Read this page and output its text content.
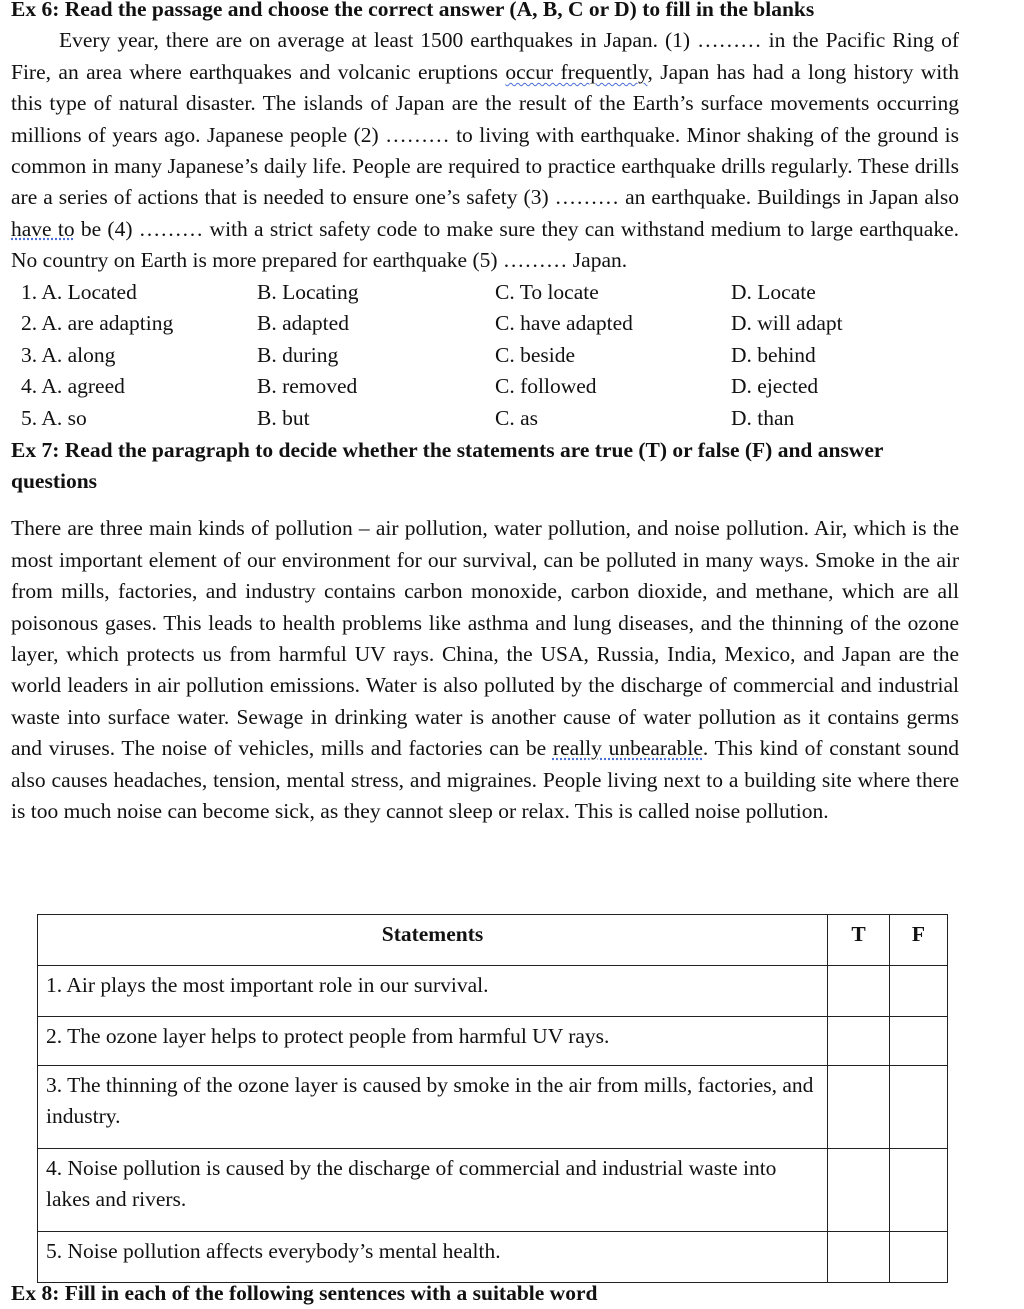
Ex 6: Read the passage and choose the correct answer (A, B, C or D) to fill in the blanks

Every year, there are on average at least 1500 earthquakes in Japan. (1) ……… in the Pacific Ring of Fire, an area where earthquakes and volcanic eruptions occur frequently, Japan has had a long history with this type of natural disaster. The islands of Japan are the result of the Earth’s surface movements occurring millions of years ago. Japanese people (2) ……… to living with earthquake. Minor shaking of the ground is common in many Japanese’s daily life. People are required to practice earthquake drills regularly. These drills are a series of actions that is needed to ensure one’s safety (3) ……… an earthquake. Buildings in Japan also have to be (4) ……… with a strict safety code to make sure they can withstand medium to large earthquake. No country on Earth is more prepared for earthquake (5) ……… Japan.

1. A. Located	B. Locating	C. To locate	D. Locate
2. A. are adapting	B. adapted	C. have adapted	D. will adapt
3. A. along	B. during	C. beside	D. behind
4. A. agreed	B. removed	C. followed	D. ejected
5. A. so	B. but	C. as	D. than

Ex 7: Read the paragraph to decide whether the statements are true (T) or false (F) and answer questions

There are three main kinds of pollution – air pollution, water pollution, and noise pollution. Air, which is the most important element of our environment for our survival, can be polluted in many ways. Smoke in the air from mills, factories, and industry contains carbon monoxide, carbon dioxide, and methane, which are all poisonous gases. This leads to health problems like asthma and lung diseases, and the thinning of the ozone layer, which protects us from harmful UV rays. China, the USA, Russia, India, Mexico, and Japan are the world leaders in air pollution emissions. Water is also polluted by the discharge of commercial and industrial waste into surface water. Sewage in drinking water is another cause of water pollution as it contains germs and viruses. The noise of vehicles, mills and factories can be really unbearable. This kind of constant sound also causes headaches, tension, mental stress, and migraines. People living next to a building site where there is too much noise can become sick, as they cannot sleep or relax. This is called noise pollution.

Statements	T	F
1. Air plays the most important role in our survival.		
2. The ozone layer helps to protect people from harmful UV rays.		
3. The thinning of the ozone layer is caused by smoke in the air from mills, factories, and industry.		
4. Noise pollution is caused by the discharge of commercial and industrial waste into lakes and rivers.		
5. Noise pollution affects everybody’s mental health.		
Ex 8: Fill in each of the following sentences with a suitable word
